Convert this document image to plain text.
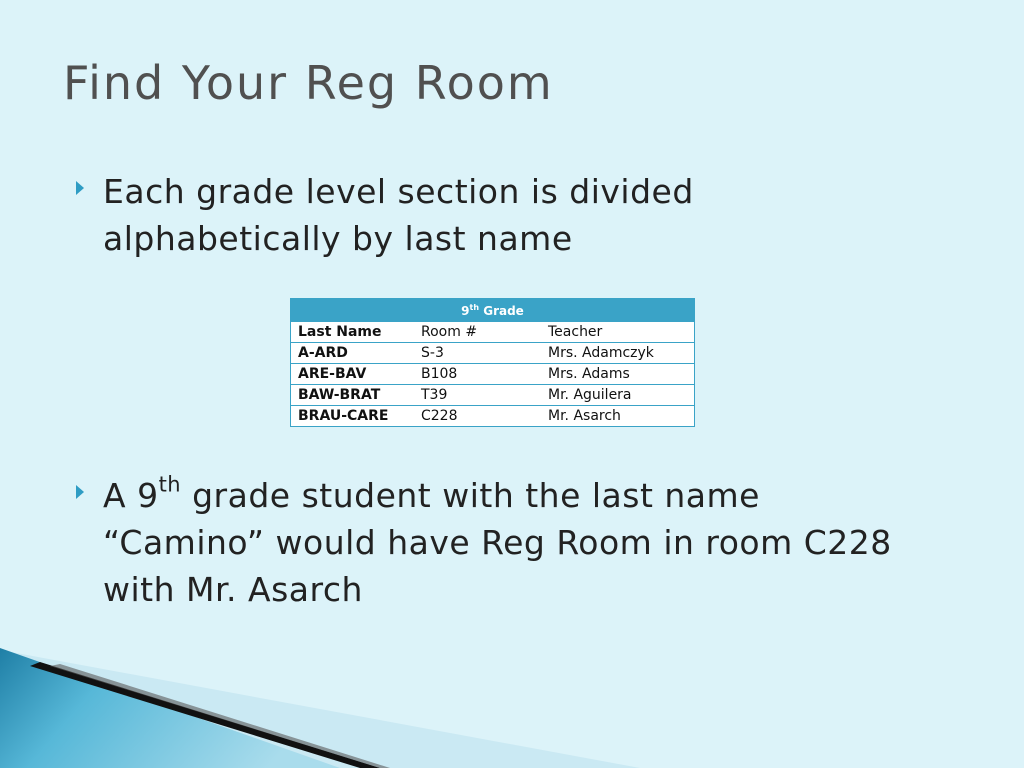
Find Your Reg Room
Each grade level section is divided alphabetically by last name
9th Grade		
Last Name	Room #	Teacher
A-ARD	S-3	Mrs. Adamczyk
ARE-BAV	B108	Mrs. Adams
BAW-BRAT	T39	Mr. Aguilera
BRAU-CARE	C228	Mr. Asarch
A 9th grade student with the last name “Camino” would have Reg Room in room C228 with Mr. Asarch
